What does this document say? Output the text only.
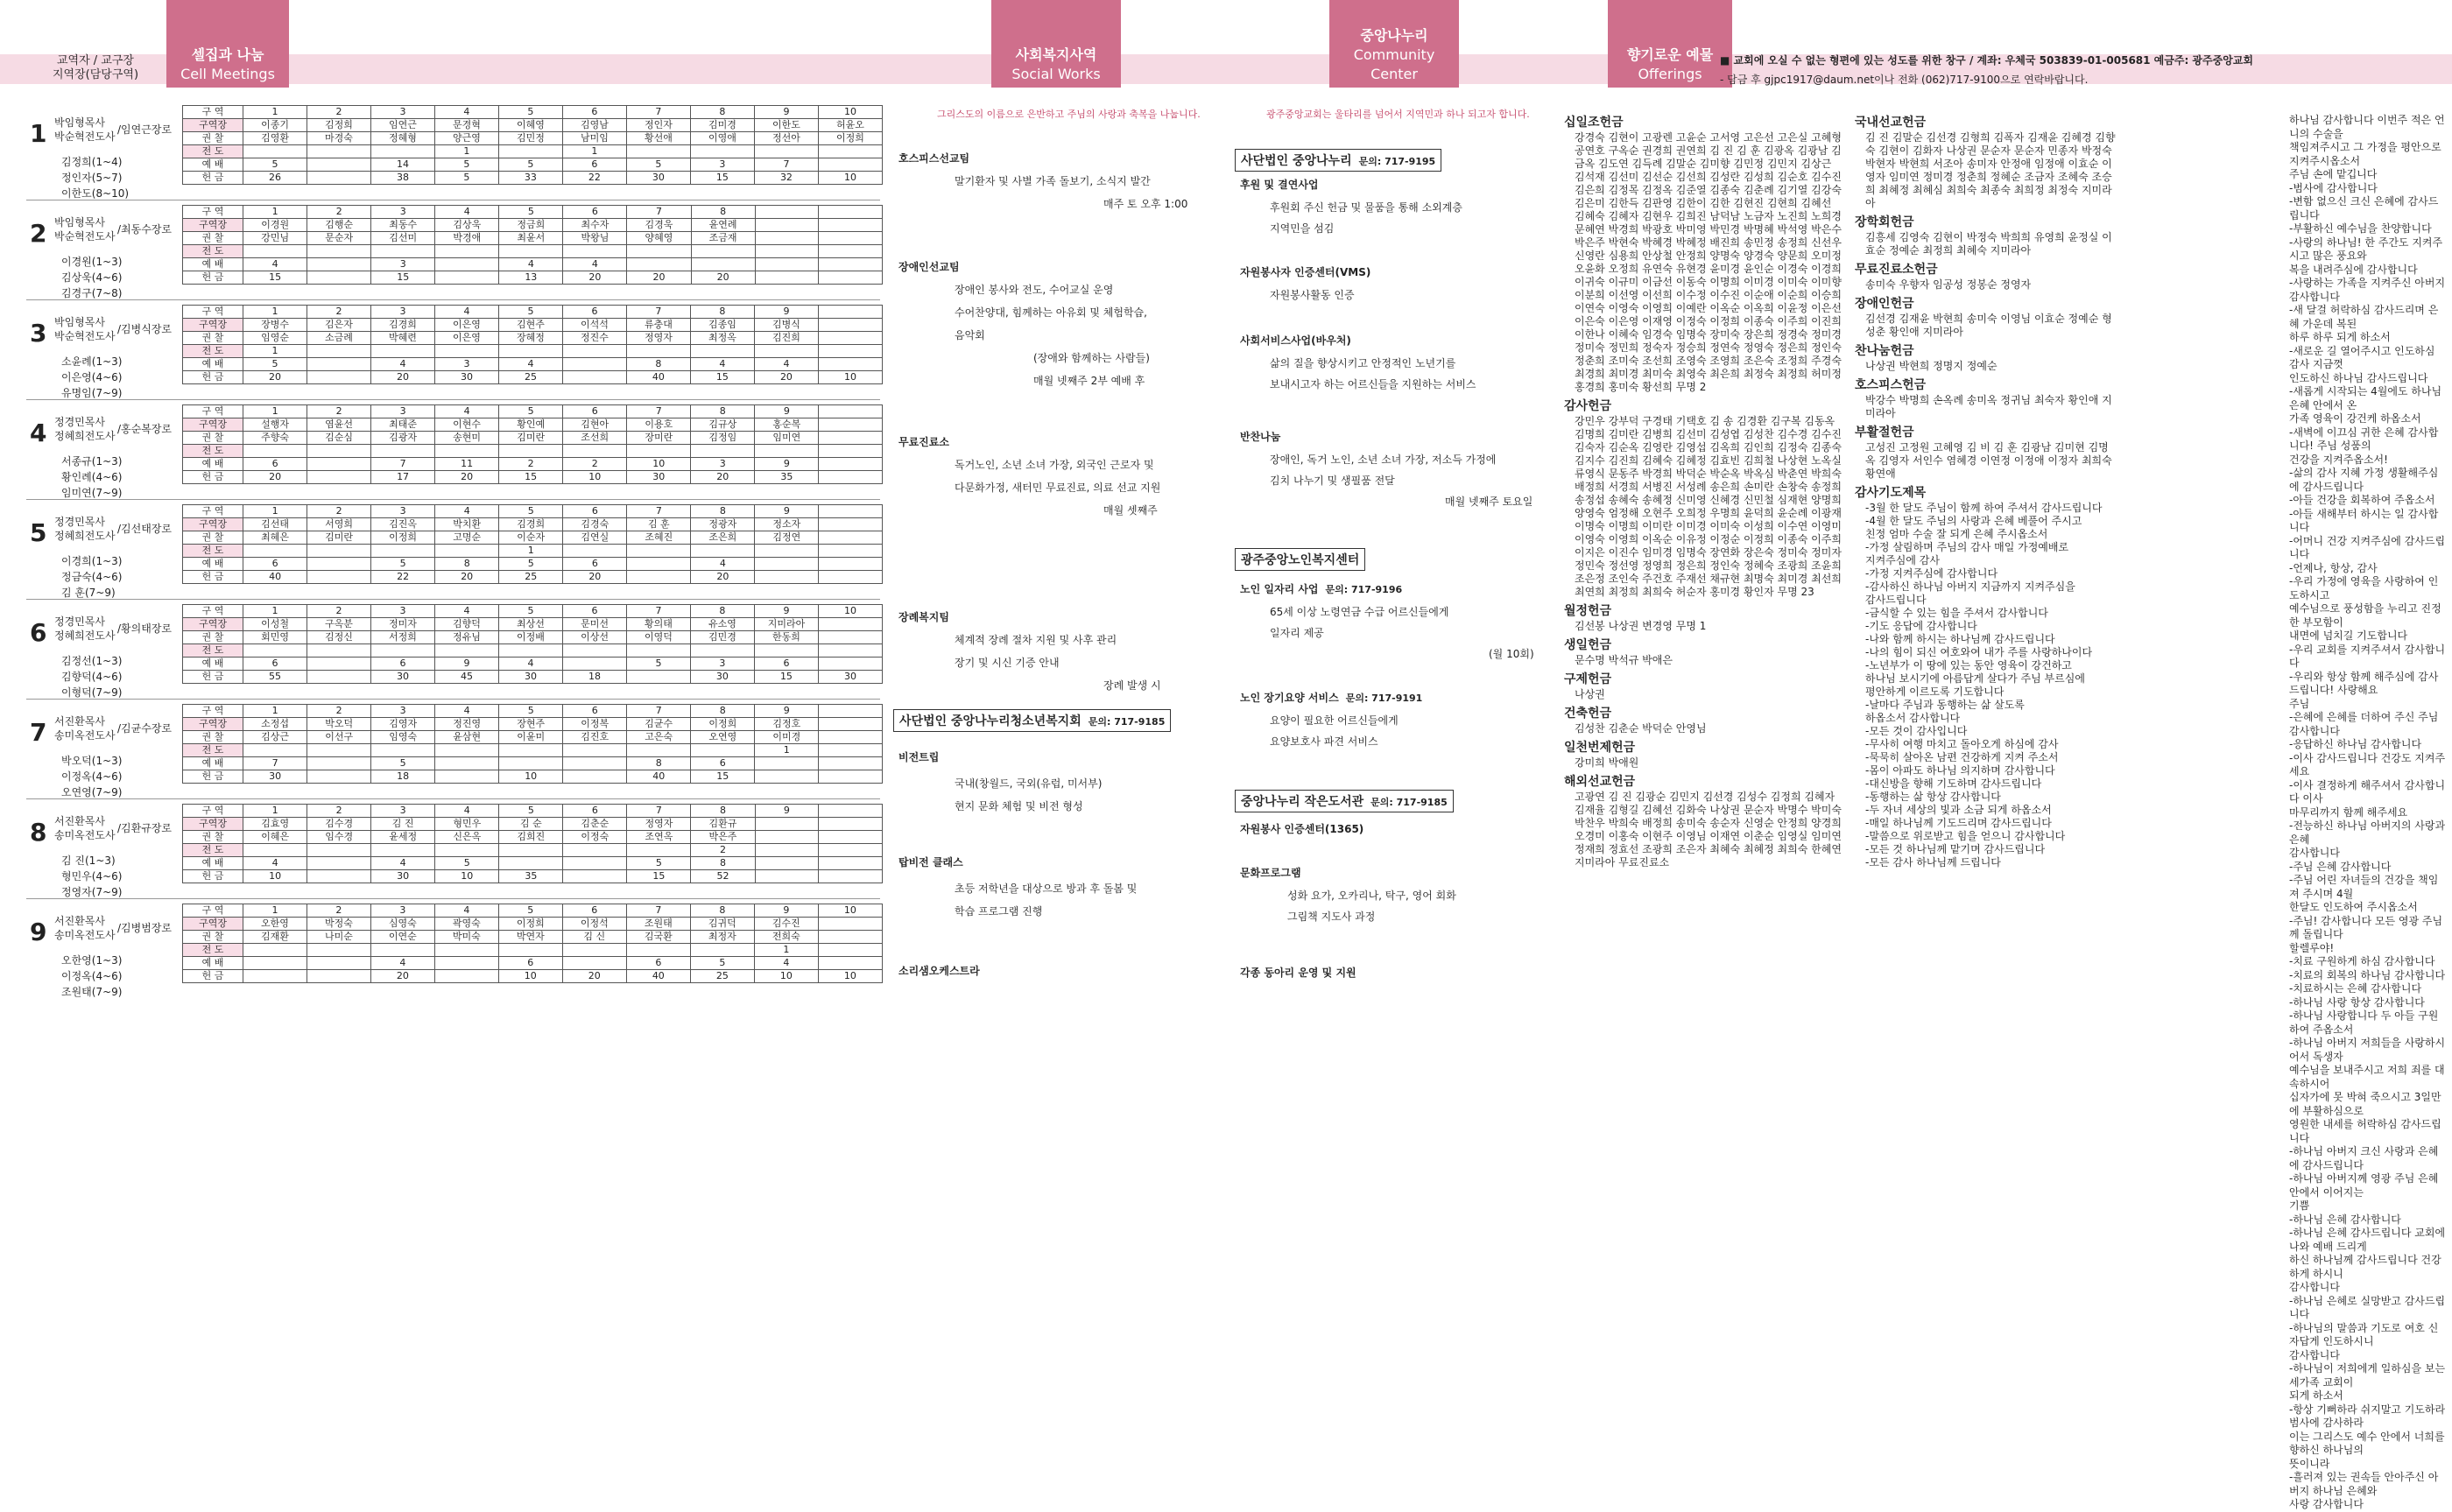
교역자 / 교구장
지역장(담당구역)
셀집과 나눔
Cell Meetings
사회복지사역
Social Works
중앙나누리
Community Center
향기로운 예물
Offerings
■ 교회에 오실 수 없는 형편에 있는 성도를 위한 창구 / 계좌: 우체국 503839-01-005681 예금주: 광주중앙교회
- 담금 후 gjpc1917@daum.net이나 전화 (062)717-9100으로 연락바랍니다.
1 박임형목사
박순혁전도사
/임연근장로
김정희(1~4)
정인자(5~7)
이한도(8~10)
구 역	1	2	3	4	5	6	7	8	9	10
구역장	이종기	김정희	임연근	문경혁	이혜영	김영남	정인자	김미경	이한도	허윤오
권 찰	김영환	마경숙	정혜형	양근영	김민정	남미임	황선애	이영애	정선아	이정희
전 도				1		1				
예 배	5		14	5	5	6	5	3	7	
헌 금	26		38	5	33	22	30	15	32	10
2 박임형목사
박순혁전도사
/최동수장로
이경원(1~3)
김상욱(4~6)
김경구(7~8)
구 역	1	2	3	4	5	6	7	8		
구역장	이경원	김행순	최동수	김상욱	정금희	최수자	김경욱	윤연례		
권 찰	강민님	문순자	김선미	박경애	최윤서	박왕님	양혜영	조금재		
전 도										
예 배	4		3		4	4				
헌 금	15		15		13	20	20	20		
3 박임형목사
박순혁전도사
/김병식장로
소윤례(1~3)
이은영(4~6)
유명임(7~9)
구 역	1	2	3	4	5	6	7	8	9	
구역장	장병수	김은자	김경희	이은영	김현주	이석석	류충대	김종임	김병식	
권 찰	임영순	소금례	박혜련	이은영	장혜정	정진수	정영자	최정옥	김진희	
전 도	1									
예 배	5		4	3	4		8	4	4	
헌 금	20		20	30	25		40	15	20	10
4 정경민목사
정혜희전도사
/홍순복장로
서종규(1~3)
황인례(4~6)
임미연(7~9)
구 역	1	2	3	4	5	6	7	8	9	
구역장	설행자	염윤선	최태준	이현수	황인예	김현아	이용호	김규상	홍순복	
권 찰	주향숙	김순심	김광자	송현미	김미란	조선희	장미란	김정임	임미연	
전 도										
예 배	6		7	11	2	2	10	3	9	
헌 금	20		17	20	15	10	30	20	35	
5 정경민목사
정혜희전도사
/김선태장로
이경희(1~3)
정금숙(4~6)
김 훈(7~9)
구 역	1	2	3	4	5	6	7	8	9	
구역장	김선태	서영희	김진옥	박치환	김경희	김경숙	김 훈	정광자	정소자	
권 찰	최혜은	김미란	이정희	고명순	이순자	김연실	조혜진	조은희	김정연	
전 도					1					
예 배	6		5	8	5	6		4		
헌 금	40		22	20	25	20		20		
6 정경민목사
정혜희전도사
/황의태장로
김정선(1~3)
김향덕(4~6)
이형덕(7~9)
구 역	1	2	3	4	5	6	7	8	9	10
구역장	이성철	구옥분	정미자	김향덕	최상선	문미선	황의태	유소영	지미라아	
권 찰	회민영	김정신	서정희	정유님	이정배	이상선	이영덕	김민경	한동희	
전 도										
예 배	6		6	9	4		5	3	6	
헌 금	55		30	45	30	18		30	15	30
7 서진환목사
송미옥전도사
/김균수장로
박오덕(1~3)
이정옥(4~6)
오연영(7~9)
구 역	1	2	3	4	5	6	7	8	9	
구역장	소정섭	박오덕	김영자	정진영	장현주	이정복	김균수	이정희	김정호	
권 찰	김상근	이선구	임영숙	윤삼현	이윤미	김진호	고은숙	오연영	이미경	
전 도									1	
예 배	7		5				8	6		
헌 금	30		18		10		40	15		
8 서진환목사
송미옥전도사
/김환규장로
김 진(1~3)
형민우(4~6)
정영자(7~9)
구 역	1	2	3	4	5	6	7	8	9	
구역장	김효영	김수경	김 진	형민우	김 순	김춘순	정영자	김환규		
권 찰	이혜은	임수경	윤세정	신은옥	김희진	이정숙	조연옥	박은주		
전 도								2		
예 배	4		4	5			5	8		
헌 금	10		30	10	35		15	52		
9 서진환목사
송미옥전도사
/김병범장로
오한영(1~3)
이정옥(4~6)
조원태(7~9)
구 역	1	2	3	4	5	6	7	8	9	10
구역장	오한영	박정숙	심영숙	곽영숙	이정희	이정석	조원태	김귀덕	김수진	
권 찰	김재환	나미순	이연순	박미숙	박연자	김 신	김국환	최정자	전희숙	
전 도									1	
예 배			4		6		6	5	4	
헌 금			20		10	20	40	25	10	10
그리스도의 이름으로 은반하고 주님의 사랑과 축복을 나눕니다.
호스피스선교팀
말기환자 및 사별 가족 돌보기, 소식지 발간
매주 토 오후 1:00
장애인선교팀
장애인 봉사와 전도, 수어교실 운영
수어찬양대, 힘께하는 아유회 및 체험학습,
음악회
(장애와 함께하는 사람들)
매월 넷째주 2부 예배 후
무료진료소
독거노인, 소년 소녀 가장, 외국인 근로자 및
다문화가정, 새터민 무료진료, 의료 선교 지원
매월 셋째주
장례복지팀
체계적 장례 절차 지원 및 사후 관리
장기 및 시신 기증 안내
장례 발생 시
사단법인 중앙나누리청소년복지회 문의: 717-9185
비전트립
국내(창월드, 국외(유럽, 미서부)
현지 문화 체험 및 비전 형성
탑비전 클래스
초등 저학년을 대상으로 방과 후 돌봄 및
학습 프로그램 진행
소리샘오케스트라
광주중앙교회는 울타리를 넘어서 지역민과 하나 되고자 합니다.
사단법인 중앙나누리 문의: 717-9195
후원 및 결연사업
후원회 주신 헌금 및 물품을 통해 소외계층
지역민을 섬김
자원봉사자 인증센터(VMS)
자원봉사활동 인증
사회서비스사업(바우처)
삶의 질을 향상시키고 안정적인 노년기를
보내시고자 하는 어르신들을 지원하는 서비스
반찬나눔
장애인, 독거 노인, 소년 소녀 가장, 저소득 가정에
김치 나누기 및 생필품 전달
매월 넷째주 토요일
광주중앙노인복지센터
노인 일자리 사업 문의: 717-9196
65세 이상 노령연금 수급 어르신들에게
일자리 제공
(월 10회)
노인 장기요양 서비스 문의: 717-9191
요양이 필요한 어르신들에게
요양보호사 파견 서비스
중앙나누리 작은도서관 문의: 717-9185
자원봉사 인증센터(1365)
문화프로그램
성화 요가, 오카리나, 탁구, 영어 회화
그림책 지도사 과정
각종 동아리 운영 및 지원
십일조헌금
강경숙 김현이 고광렌 고윤순 고서영 고은선 고은실 고혜형 공연호 구옥순 권경희 권연희 김 진 김 훈 김광옥 김광남 김금옥 김도연 김득례 김말순 김미향 김민정 김민지 김상근 김석재 김선미 김선순 김선희 김성란 김성희 김순호 김수진 김은희 김정목 김정옥 김준열 김종숙 김춘례 김기열 김강숙 김은미 김한득 김판영 김한이 김한 김현진 김현희 김혜선 김혜숙 김혜자 김현우 김희진 남덕남 노금자 노진희 노희경 문혜연 박경희 박광호 박미영 박민경 박명혜 박석영 박은수 박은주 박현숙 박혜경 박혜정 배진희 송민정 송정희 신선우 신영란 심용희 안상철 안정희 양명숙 양경숙 양문희 오미정 오윤화 오정희 유연숙 유현경 윤미경 윤인순 이경숙 이경희 이귀숙 이규미 이금선 이동숙 이명희 이미경 이미숙 이미향 이분희 이선영 이선희 이수정 이수진 이순애 이순희 이승희 이연숙 이영숙 이영희 이예란 이옥순 이옥희 이윤정 이은선 이은숙 이은영 이재영 이정숙 이정희 이종숙 이주희 이진희 이한나 이혜숙 임경숙 임명숙 장미숙 장은희 정경숙 정미경 정미숙 정민희 정숙자 정승희 정연숙 정영숙 정은희 정인숙 정춘희 조미숙 조선희 조영숙 조영희 조은숙 조정희 주경숙 최경희 최미경 최미숙 최영숙 최은희 최정숙 최정희 허미정 홍경희 홍미숙 황선희 무명 2
감사헌금
강민우 강부덕 구경태 기택호 김 송 김경환 김구복 김동옥 김명희 김미란 김병희 김선미 김성엽 김성찬 김수경 김수진 김숙자 김순옥 김영란 김영섭 김옥희 김인희 김정숙 김종숙 김지수 김진희 김혜숙 김혜정 김효빈 김희철 나상현 노옥실 류영식 문동주 박경희 박덕순 박순옥 박옥심 박춘연 박희숙 배정희 서경희 서병진 서성례 송은희 손미란 손창숙 송정희 송정섭 송혜숙 송혜정 신미영 신혜경 신민철 심재현 양명희 양영숙 엄정해 오현주 오희정 우명희 윤덕희 윤순례 이광재 이명숙 이명희 이미란 이미경 이미숙 이성희 이수연 이영미 이영숙 이영희 이옥순 이유정 이정순 이정희 이종숙 이주희 이지은 이진수 임미경 임명숙 장연화 장은숙 정미숙 정미자 정민숙 정선영 정영희 정은희 정인숙 정혜숙 조광희 조윤희 조은정 조인숙 주건호 주재선 채규현 최명숙 최미경 최선희 최연희 최정희 최희숙 허순자 홍미경 황인자 무명 23
월정헌금
김선봉 나상권 변경영 무명 1
생일헌금
문수명 박석규 박애은
구제헌금
나상권
건축헌금
김성찬 김춘순 박덕순 안영님
일천번제헌금
강미희 박애원
해외선교헌금
고광연 김 진 김광순 김민지 김선경 김성수 김정희 김혜자 김재율 김형길 김혜선 김화숙 나상권 문순자 박명수 박미숙 박찬우 박희숙 배정희 송미숙 송순자 신영순 안정희 양경희 오경미 이홍숙 이현주 이영님 이재연 이춘순 임영실 임미연 정재희 정효선 조광희 조은자 최혜숙 최혜정 최희숙 한혜연 지미라아 무료진료소
국내선교헌금
김 진 김말순 김선경 김형희 김폭자 김재윤 김혜경 김향숙 김현이 김화자 나상권 문순자 문순자 민종자 박정숙 박현자 박현희 서조아 송미자 안정애 임정애 이효순 이영자 임미연 정미경 정춘희 정혜순 조금자 조혜숙 조승희 최혜정 최혜심 최희숙 최종숙 최희정 최정숙 지미라아
장학회헌금
김흥세 김영숙 김현이 박정숙 박희희 유영희 윤정실 이효순 정예순 최정희 최혜숙 지미라아
무료진료소헌금
송미숙 우향자 임공성 정봉순 정영자
장애인헌금
김선경 김재윤 박현희 송미숙 이영님 이효순 정예순 형성춘 황인애 지미라아
찬나눔헌금
나상권 박현희 정명지 정예순
호스피스헌금
박강수 박명희 손옥례 송미옥 정귀님 최숙자 황인애 지미라아
부활절헌금
고성진 고정원 고혜영 김 비 김 훈 김광남 김미현 김명옥 김영자 서인수 염혜경 이연정 이정애 이정자 최희숙 황연애
감사기도제목
-3월 한 달도 주님이 함께 하여 주셔서 감사드립니다
-4월 한 달도 주님의 사랑과 은혜 베풀어 주시고
친정 엄마 수술 잘 되게 은혜 주시옵소서
-가정 살림하며 주님의 감사 매일 가정예배로
지켜주심에 감사
-가정 지켜주심에 감사합니다
-감사하신 하나님 아버지 지금까지 지켜주심을
감사드립니다
-금식할 수 있는 힘을 주셔서 감사합니다
-기도 응답에 감사합니다
-나와 함께 하시는 하나님께 감사드립니다
-나의 힘이 되신 여호와여 내가 주를 사랑하나이다
-노년부가 이 땅에 있는 동안 영육이 강건하고
하나님 보시기에 아름답게 살다가 주님 부르심에
평안하게 이르도록 기도합니다
-날마다 주님과 동행하는 삶 살도록
하옵소서 감사합니다
-모든 것이 감사입니다
-무사히 여행 마치고 돌아오게 하심에 감사
-묵묵히 살아온 남편 건강하게 지켜 주소서
-몸이 아파도 하나님 의지하며 감사합니다
-대신방을 향해 기도하며 감사드립니다
-동행하는 삶 항상 감사합니다
-두 자녀 세상의 빛과 소금 되게 하옵소서
-매일 하나님께 기도드리며 감사드립니다
-말씀으로 위로받고 힘을 얻으니 감사합니다
-모든 것 하나님께 맡기며 감사드립니다
-모든 감사 하나님께 드립니다
하나님 감사합니다 이번주 적은 언니의 수술을
책임져주시고 그 가정을 평안으로 지켜주시옵소서
주님 손에 맡깁니다
-범사에 감사합니다
-변함 없으신 크신 은혜에 감사드립니다
-부활하신 예수님을 찬양합니다
-사랑의 하나님! 한 주간도 지켜주시고 많은 풍요와
복을 내려주심에 감사합니다
-사랑하는 가족을 지켜주신 아버지 감사합니다
-새 달걸 허락하심 감사드리며 은혜 가운데 복된
하루 하루 되게 하소서
-새로운 길 열어주시고 인도하심 감사 지금껏
인도하신 하나님 감사드립니다
-새롭게 시작되는 4월에도 하나님 은혜 안에서 온
가족 영육이 강건케 하옵소서
-새벽에 이끄심 귀한 은혜 감사합니다! 주님 성품의
건강을 지켜주옵소서!
-삶의 감사 지혜 가정 생활해주심에 감사드립니다
-아들 건강을 회복하여 주옵소서
-아들 새해부터 하시는 일 감사합니다
-어머니 건강 지켜주심에 감사드립니다
-언제나, 항상, 감사
-우리 가정에 영육을 사랑하여 인도하시고
예수님으로 풍성함을 누리고 진정한 부모함이
내면에 넘치길 기도합니다
-우리 교회를 지켜주셔서 감사합니다
-우리와 항상 함께 해주심에 감사드립니다! 사랑해요
주님
-은혜에 은혜를 더하여 주신 주님 감사합니다
-응답하신 하나님 감사합니다
-이사 감사드립니다 건강도 지켜주세요
-이사 결정하게 해주셔서 감사합니다 이사
마무리까지 함께 해주세요
-전능하신 하나님 아버지의 사랑과 은혜
감사합니다
-주님 은혜 감사합니다
-주님 어린 자녀들의 건강을 책임져 주시며 4월
한달도 인도하여 주시옵소서
-주님! 감사합니다 모든 영광 주님께 돌립니다
할렐루야!
-치료 구원하게 하심 감사합니다
-치료의 회복의 하나님 감사합니다
-치료하시는 은혜 감사합니다
-하나님 사랑 항상 감사합니다
-하나님 사랑합니다 두 아들 구원하여 주옵소서
-하나님 아버지 저희들을 사랑하시어서 독생자
예수님을 보내주시고 저희 죄를 대속하시어
십자가에 못 박혀 죽으시고 3일만에 부활하심으로
영원한 내세를 허락하심 감사드립니다
-하나님 아버지 크신 사랑과 은혜에 감사드립니다
-하나님 아버지께 영광 주님 은혜 안에서 이어지는
기쁨
-하나님 은혜 감사합니다
-하나님 은혜 감사드립니다 교회에 나와 예배 드리게
하신 하나님께 감사드립니다 건강하게 하시니
감사합니다
-하나님 은혜로 실망받고 감사드립니다
-하나님의 말씀과 기도로 여호 신자답게 인도하시니
감사합니다
-하나님이 저희에게 일하심을 보는 세가족 교회이
되게 하소서
-항상 기뻐하라 쉬지말고 기도하라 범사에 감사하라
이는 그리스도 예수 안에서 너희를 향하신 하나님의
뜻이니라
-흘러져 있는 권속들 안아주신 아버지 하나님 은혜와
사랑 감사합니다
